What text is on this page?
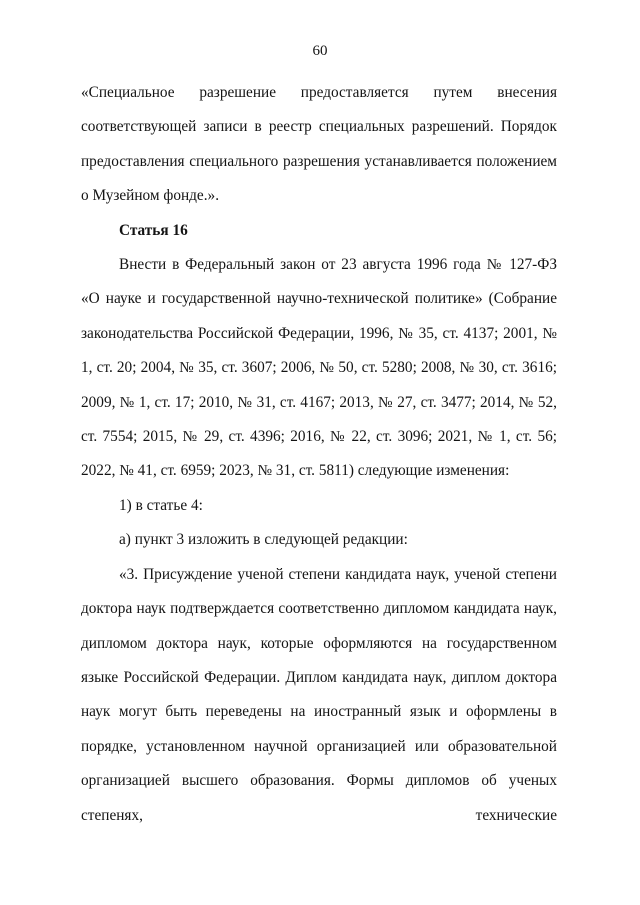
60

«Специальное разрешение предоставляется путем внесения соответствующей записи в реестр специальных разрешений. Порядок предоставления специального разрешения устанавливается положением о Музейном фонде.».

Статья 16

Внести в Федеральный закон от 23 августа 1996 года № 127-ФЗ «О науке и государственной научно-технической политике» (Собрание законодательства Российской Федерации, 1996, № 35, ст. 4137; 2001, № 1, ст. 20; 2004, № 35, ст. 3607; 2006, № 50, ст. 5280; 2008, № 30, ст. 3616; 2009, № 1, ст. 17; 2010, № 31, ст. 4167; 2013, № 27, ст. 3477; 2014, № 52, ст. 7554; 2015, № 29, ст. 4396; 2016, № 22, ст. 3096; 2021, № 1, ст. 56; 2022, № 41, ст. 6959; 2023, № 31, ст. 5811) следующие изменения:

1) в статье 4:

а) пункт 3 изложить в следующей редакции:

«3. Присуждение ученой степени кандидата наук, ученой степени доктора наук подтверждается соответственно дипломом кандидата наук, дипломом доктора наук, которые оформляются на государственном языке Российской Федерации. Диплом кандидата наук, диплом доктора наук могут быть переведены на иностранный язык и оформлены в порядке, установленном научной организацией или образовательной организацией высшего образования. Формы дипломов об ученых степенях, технические
